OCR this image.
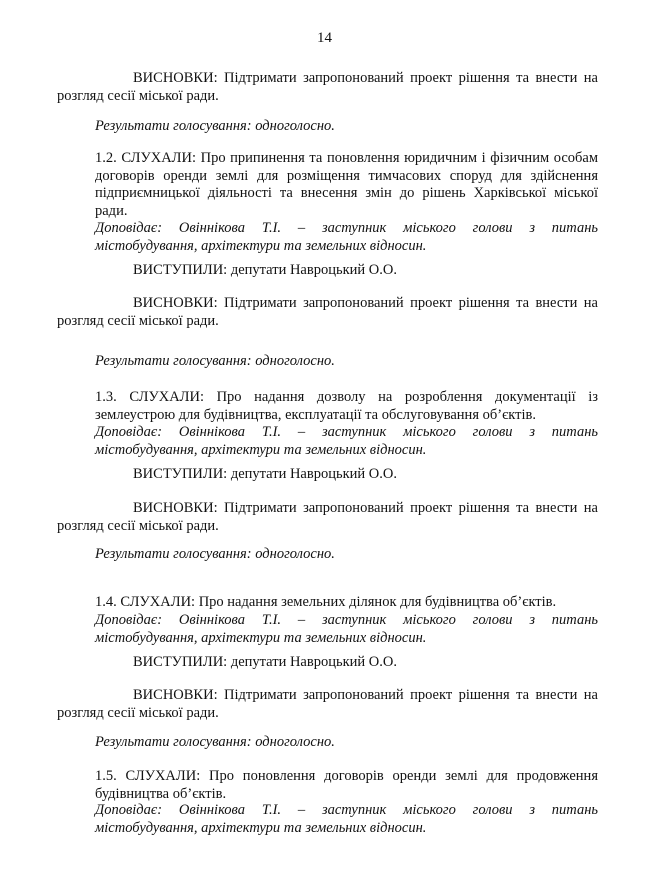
14
ВИСНОВКИ: Підтримати запропонований проект рішення та внести на
розгляд сесії міської ради.
Результати голосування: одноголосно.
1.2. СЛУХАЛИ: Про припинення та поновлення юридичним і фізичним особам
договорів оренди землі для розміщення тимчасових споруд для здійснення
підприємницької діяльності та внесення змін до рішень Харківської міської
ради.
Доповідає: Овіннікова Т.І. – заступник міського голови з питань
містобудування, архітектури та земельних відносин.
ВИСТУПИЛИ: депутати Навроцький О.О.
ВИСНОВКИ: Підтримати запропонований проект рішення та внести на
розгляд сесії міської ради.
Результати голосування: одноголосно.
1.3. СЛУХАЛИ: Про надання дозволу на розроблення документації із
землеустрою для будівництва, експлуатації та обслуговування об’єктів.
Доповідає: Овіннікова Т.І. – заступник міського голови з питань
містобудування, архітектури та земельних відносин.
ВИСТУПИЛИ: депутати Навроцький О.О.
ВИСНОВКИ: Підтримати запропонований проект рішення та внести на
розгляд сесії міської ради.
Результати голосування: одноголосно.
1.4. СЛУХАЛИ: Про надання земельних ділянок для будівництва об’єктів.
Доповідає: Овіннікова Т.І. – заступник міського голови з питань
містобудування, архітектури та земельних відносин.
ВИСТУПИЛИ: депутати Навроцький О.О.
ВИСНОВКИ: Підтримати запропонований проект рішення та внести на
розгляд сесії міської ради.
Результати голосування: одноголосно.
1.5. СЛУХАЛИ: Про поновлення договорів оренди землі для продовження
будівництва об’єктів.
Доповідає: Овіннікова Т.І. – заступник міського голови з питань
містобудування, архітектури та земельних відносин.
